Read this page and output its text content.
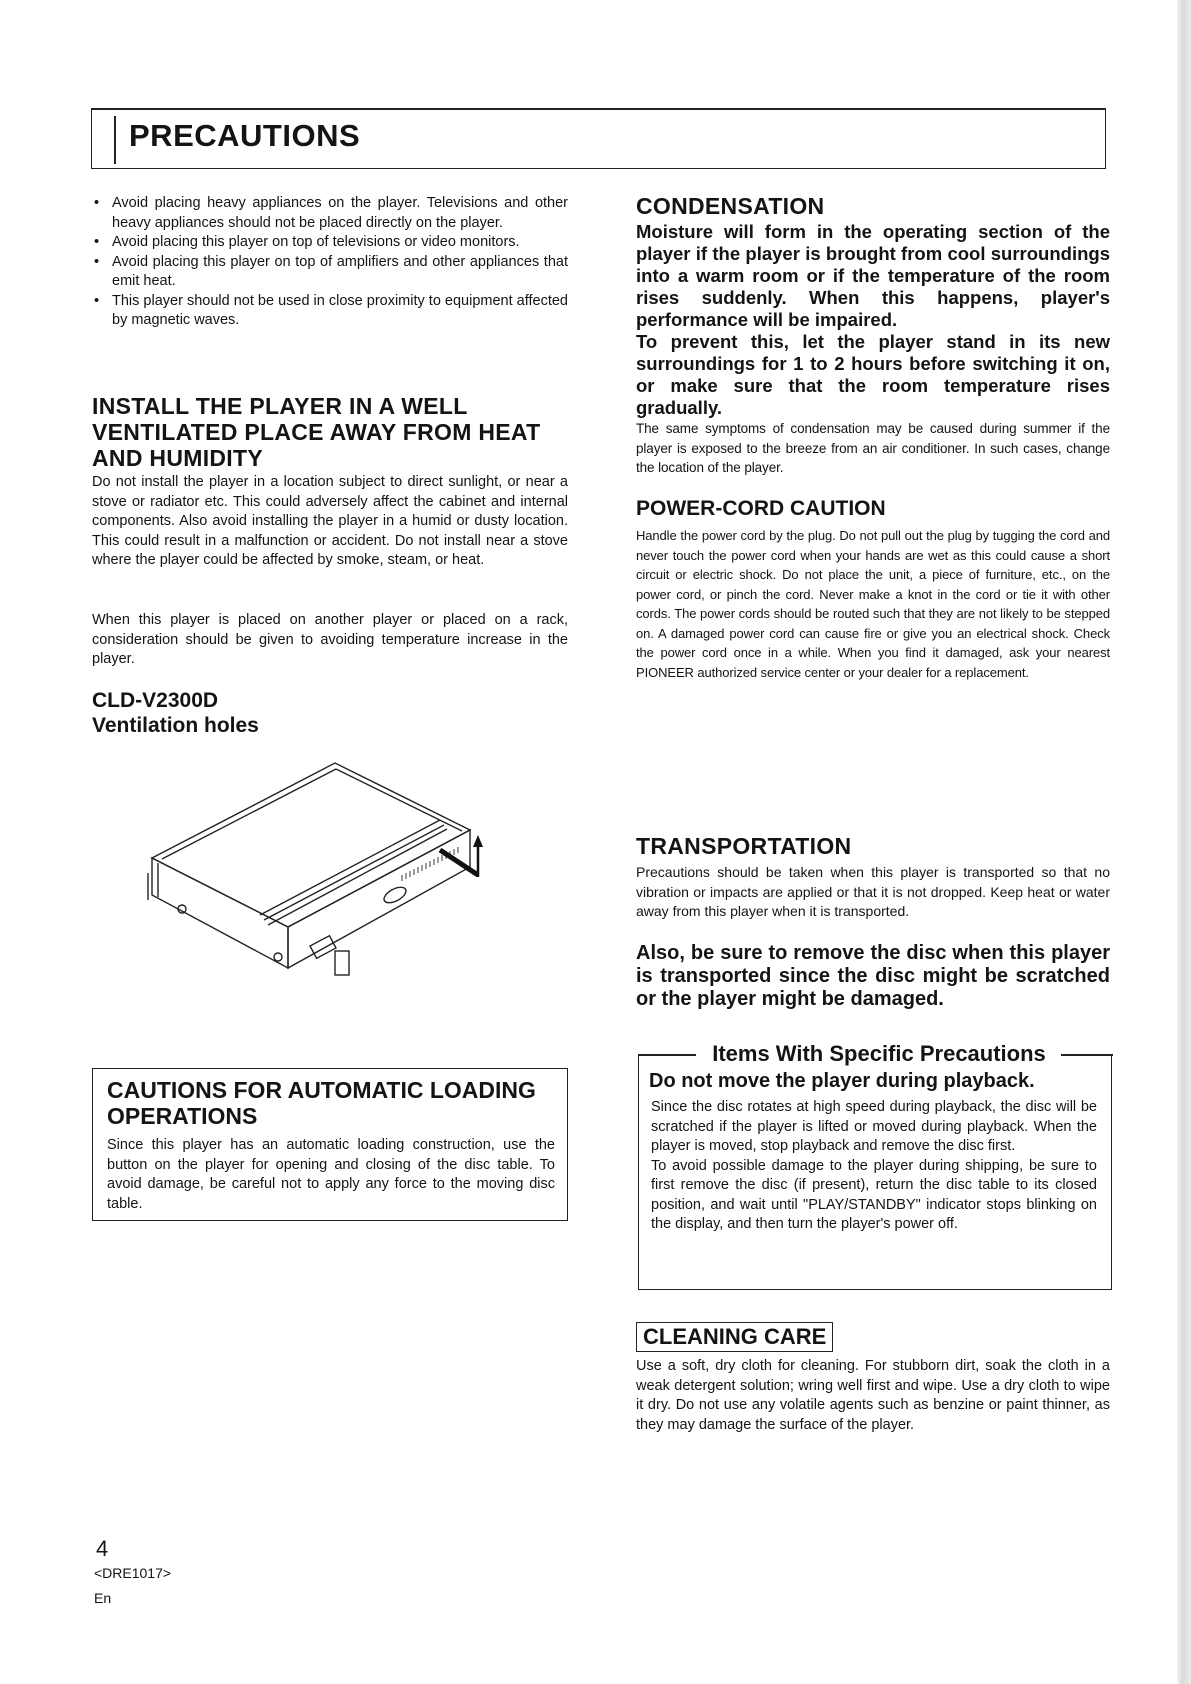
PRECAUTIONS
• Avoid placing heavy appliances on the player. Televisions and other heavy appliances should not be placed directly on the player.
• Avoid placing this player on top of televisions or video monitors.
• Avoid placing this player on top of amplifiers and other appliances that emit heat.
• This player should not be used in close proximity to equipment affected by magnetic waves.
INSTALL THE PLAYER IN A WELL VENTILATED PLACE AWAY FROM HEAT AND HUMIDITY

Do not install the player in a location subject to direct sunlight, or near a stove or radiator etc. This could adversely affect the cabinet and internal components. Also avoid installing the player in a humid or dusty location. This could result in a malfunction or accident. Do not install near a stove where the player could be affected by smoke, steam, or heat.

When this player is placed on another player or placed on a rack, consideration should be given to avoiding temperature increase in the player.

CLD-V2300D
Ventilation holes
CAUTIONS FOR AUTOMATIC LOADING OPERATIONS

Since this player has an automatic loading construction, use the button on the player for opening and closing of the disc table. To avoid damage, be careful not to apply any force to the moving disc table.

CONDENSATION

Moisture will form in the operating section of the player if the player is brought from cool surroundings into a warm room or if the temperature of the room rises suddenly. When this happens, player's performance will be impaired.

To prevent this, let the player stand in its new surroundings for 1 to 2 hours before switching it on, or make sure that the room temperature rises gradually.

The same symptoms of condensation may be caused during summer if the player is exposed to the breeze from an air conditioner. In such cases, change the location of the player.

POWER-CORD CAUTION

Handle the power cord by the plug. Do not pull out the plug by tugging the cord and never touch the power cord when your hands are wet as this could cause a short circuit or electric shock. Do not place the unit, a piece of furniture, etc., on the power cord, or pinch the cord. Never make a knot in the cord or tie it with other cords. The power cords should be routed such that they are not likely to be stepped on. A damaged power cord can cause fire or give you an electrical shock. Check the power cord once in a while. When you find it damaged, ask your nearest PIONEER authorized service center or your dealer for a replacement.

TRANSPORTATION

Precautions should be taken when this player is transported so that no vibration or impacts are applied or that it is not dropped. Keep heat or water away from this player when it is transported.

Also, be sure to remove the disc when this player is transported since the disc might be scratched or the player might be damaged.

Items With Specific Precautions

Do not move the player during playback.

Since the disc rotates at high speed during playback, the disc will be scratched if the player is lifted or moved during playback. When the player is moved, stop playback and remove the disc first.
To avoid possible damage to the player during shipping, be sure to first remove the disc (if present), return the disc table to its closed position, and wait until "PLAY/STANDBY" indicator stops blinking on the display, and then turn the player's power off.
CLEANING CARE

Use a soft, dry cloth for cleaning. For stubborn dirt, soak the cloth in a weak detergent solution; wring well first and wipe. Use a dry cloth to wipe it dry. Do not use any volatile agents such as benzine or paint thinner, as they may damage the surface of the player.

4
<DRE1017>
En
